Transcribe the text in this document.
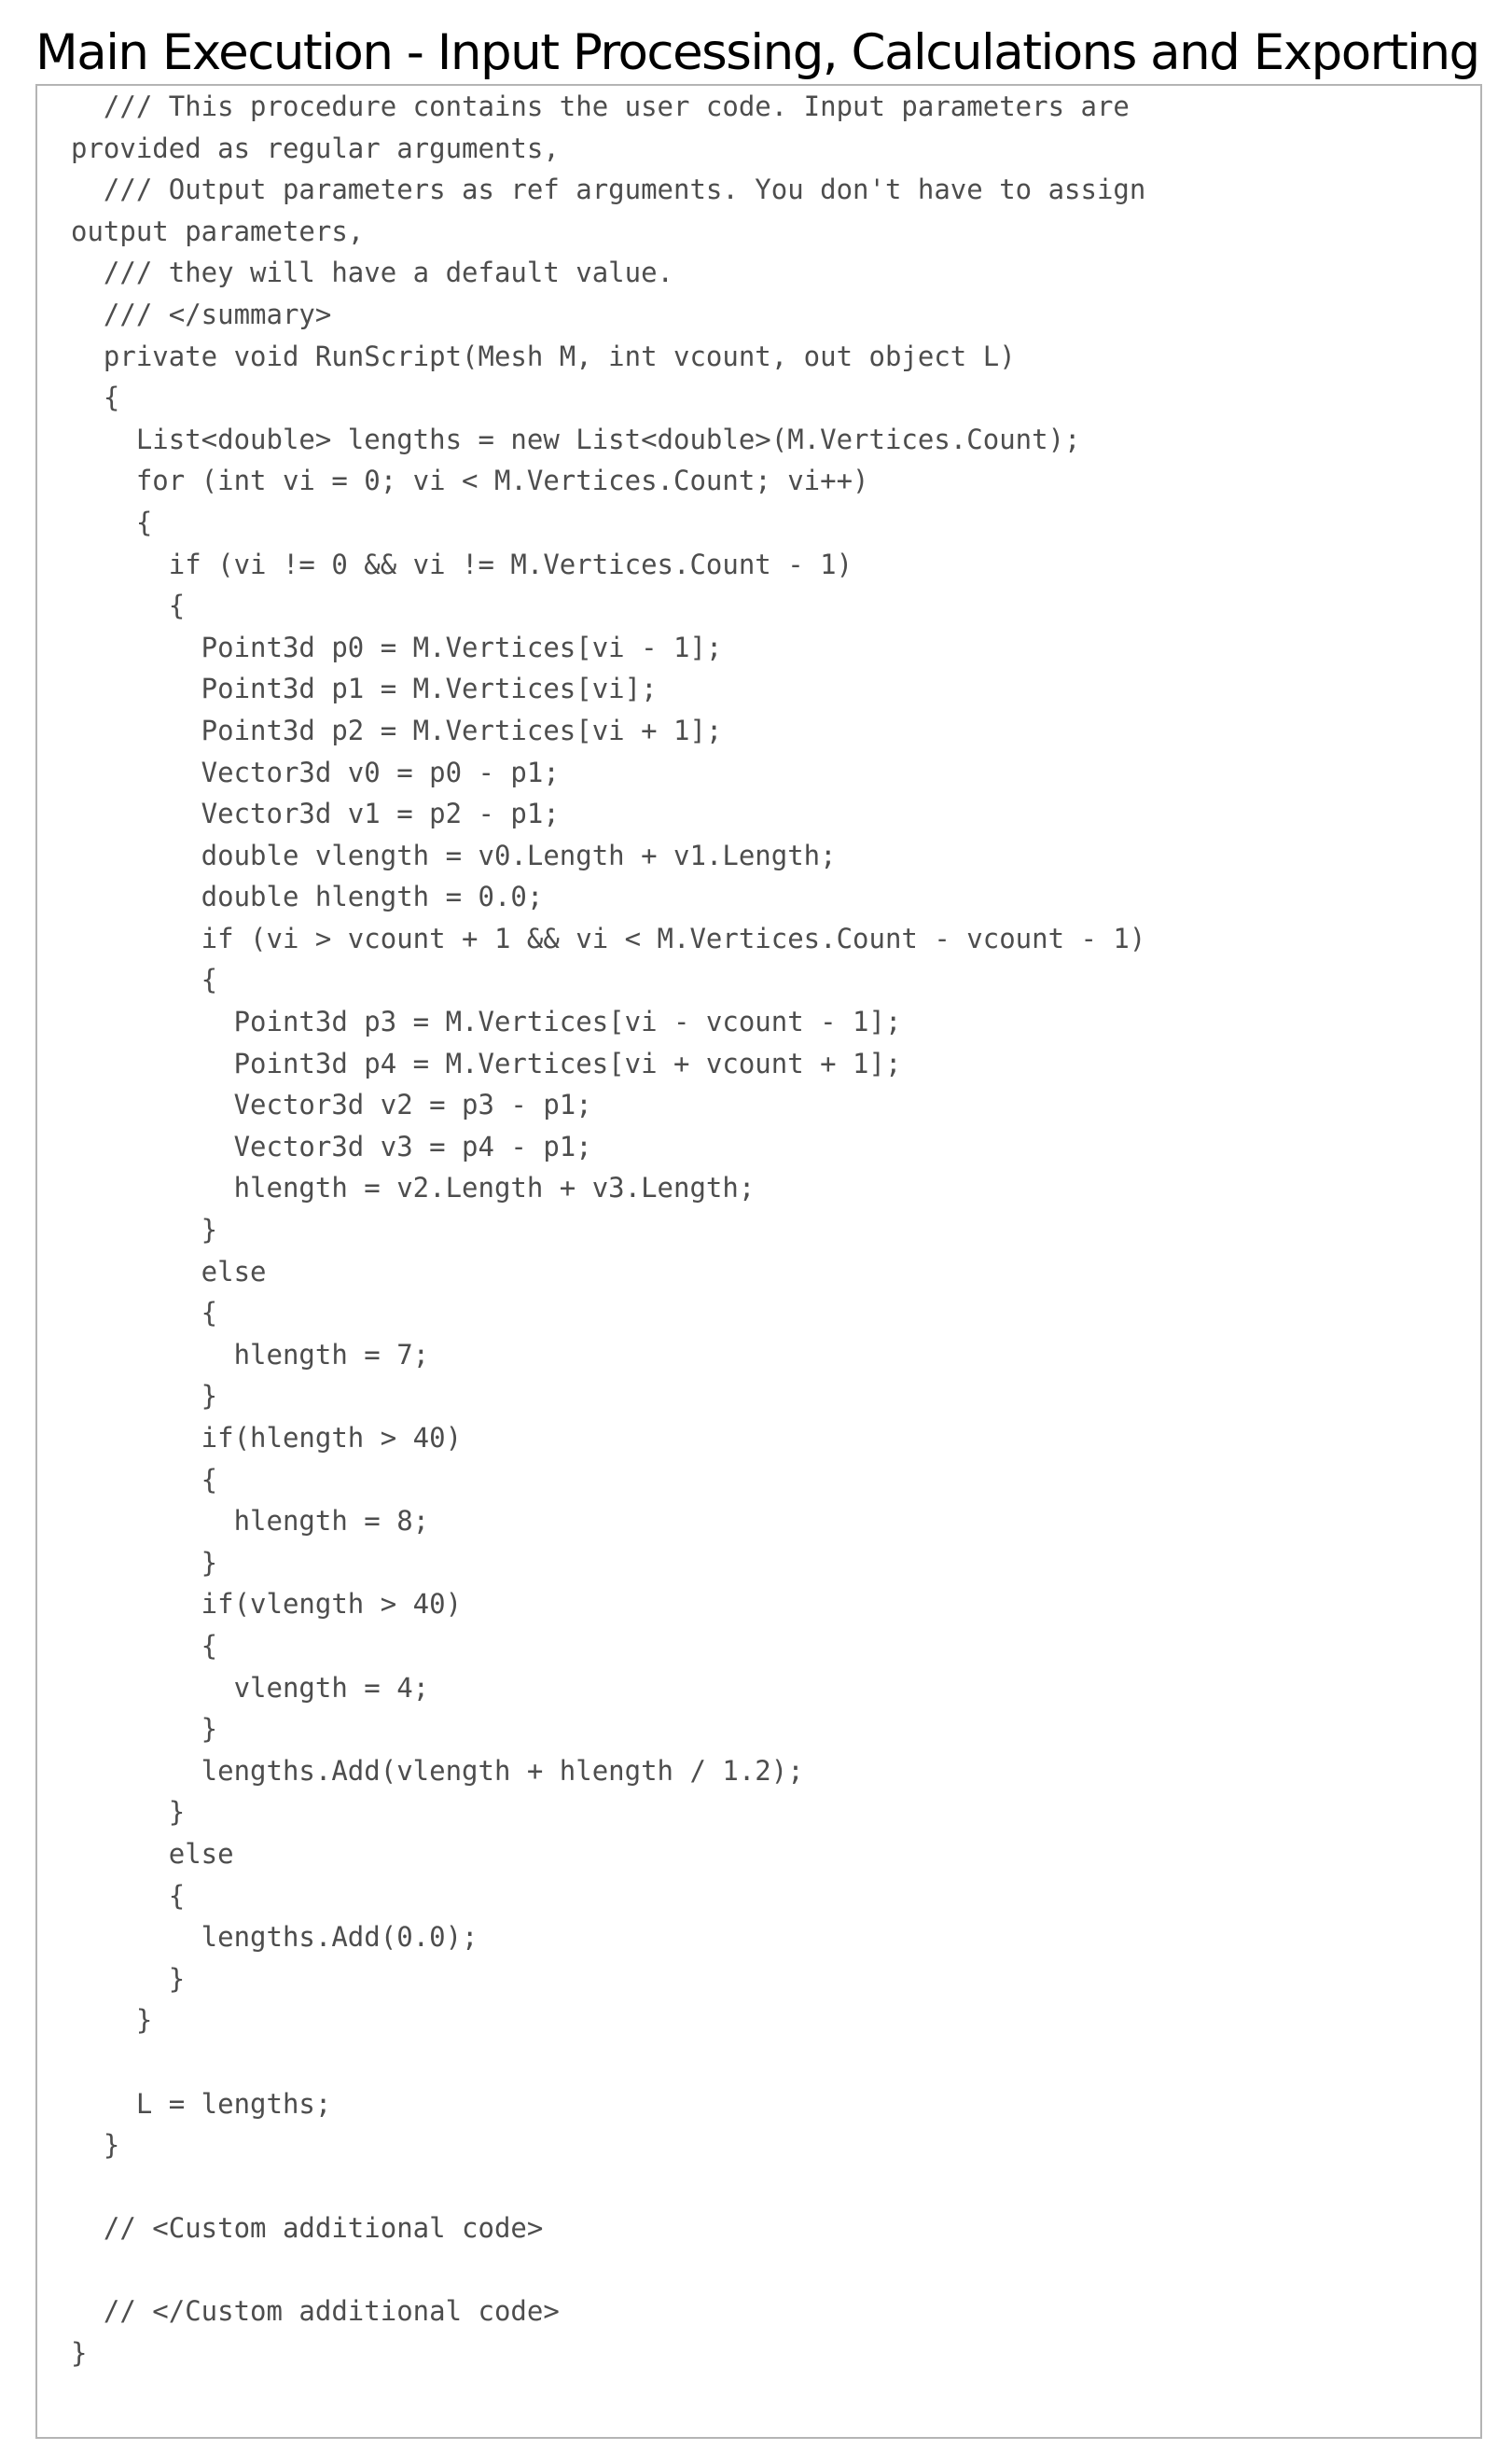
Main Execution - Input Processing, Calculations and Exporting
/// This procedure contains the user code. Input parameters are
provided as regular arguments,
/// Output parameters as ref arguments. You don't have to assign
output parameters,
/// they will have a default value.
/// </summary>
private void RunScript(Mesh M, int vcount, out object L)
{
List<double> lengths = new List<double>(M.Vertices.Count);
for (int vi = 0; vi < M.Vertices.Count; vi++)
{
if (vi != 0 && vi != M.Vertices.Count - 1)
{
Point3d p0 = M.Vertices[vi - 1];
Point3d p1 = M.Vertices[vi];
Point3d p2 = M.Vertices[vi + 1];
Vector3d v0 = p0 - p1;
Vector3d v1 = p2 - p1;
double vlength = v0.Length + v1.Length;
double hlength = 0.0;
if (vi > vcount + 1 && vi < M.Vertices.Count - vcount - 1)
{
Point3d p3 = M.Vertices[vi - vcount - 1];
Point3d p4 = M.Vertices[vi + vcount + 1];
Vector3d v2 = p3 - p1;
Vector3d v3 = p4 - p1;
hlength = v2.Length + v3.Length;
}
else
{
hlength = 7;
}
if(hlength > 40)
{
hlength = 8;
}
if(vlength > 40)
{
vlength = 4;
}
lengths.Add(vlength + hlength / 1.2);
}
else
{
lengths.Add(0.0);
}
}
L = lengths;
}
// <Custom additional code>
// </Custom additional code>
}
